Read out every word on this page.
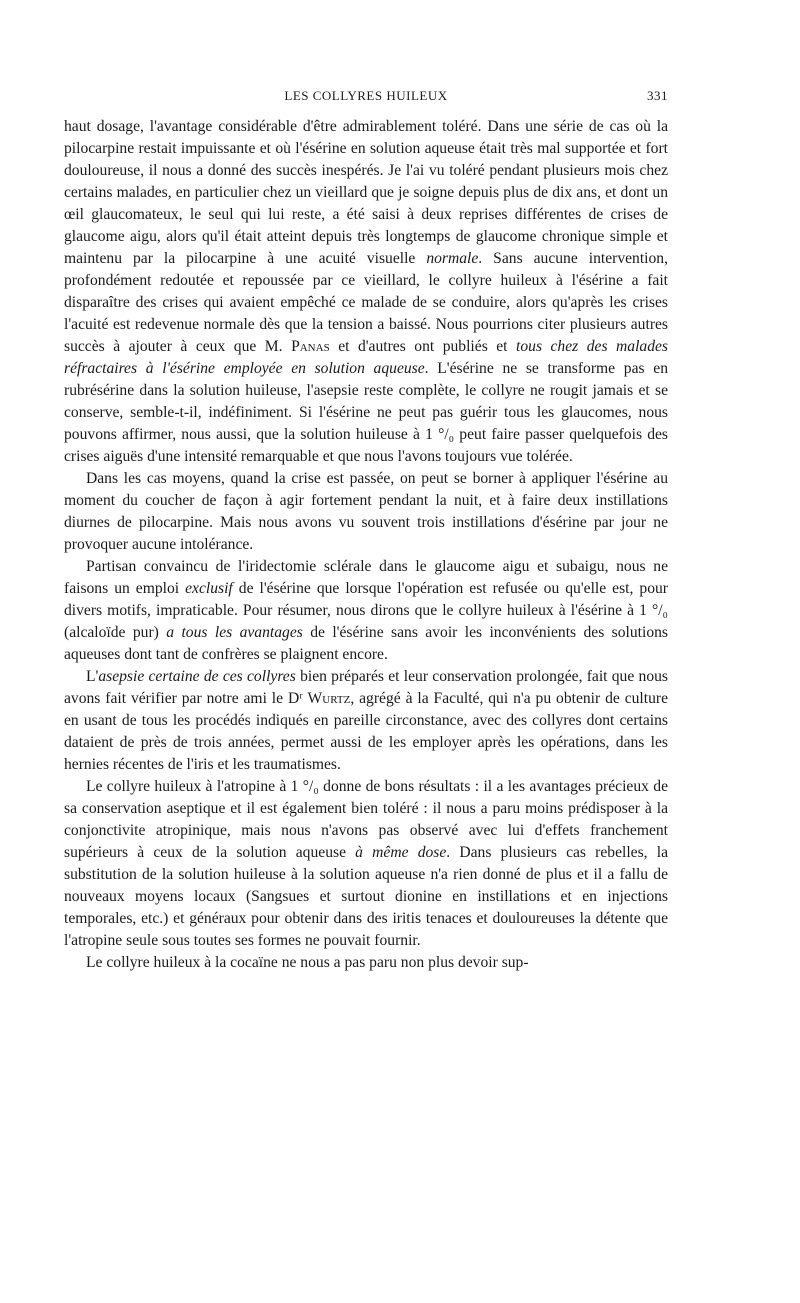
LES COLLYRES HUILEUX	331

haut dosage, l'avantage considérable d'être admirablement toléré. Dans une série de cas où la pilocarpine restait impuissante et où l'ésérine en solution aqueuse était très mal supportée et fort douloureuse, il nous a donné des succès inespérés. Je l'ai vu toléré pendant plusieurs mois chez certains malades, en particulier chez un vieillard que je soigne depuis plus de dix ans, et dont un œil glaucomateux, le seul qui lui reste, a été saisi à deux reprises différentes de crises de glaucome aigu, alors qu'il était atteint depuis très longtemps de glaucome chronique simple et maintenu par la pilocarpine à une acuité visuelle normale. Sans aucune intervention, profondément redoutée et repoussée par ce vieillard, le collyre huileux à l'ésérine a fait disparaître des crises qui avaient empêché ce malade de se conduire, alors qu'après les crises l'acuité est redevenue normale dès que la tension a baissé. Nous pourrions citer plusieurs autres succès à ajouter à ceux que M. Panas et d'autres ont publiés et tous chez des malades réfractaires à l'ésérine employée en solution aqueuse. L'ésérine ne se transforme pas en rubrésérine dans la solution huileuse, l'asepsie reste complète, le collyre ne rougit jamais et se conserve, semble-t-il, indéfiniment. Si l'ésérine ne peut pas guérir tous les glaucomes, nous pouvons affirmer, nous aussi, que la solution huileuse à 1 °/₀ peut faire passer quelquefois des crises aiguës d'une intensité remarquable et que nous l'avons toujours vue tolérée.

Dans les cas moyens, quand la crise est passée, on peut se borner à appliquer l'ésérine au moment du coucher de façon à agir fortement pendant la nuit, et à faire deux instillations diurnes de pilocarpine. Mais nous avons vu souvent trois instillations d'ésérine par jour ne provoquer aucune intolérance.

Partisan convaincu de l'iridectomie sclérale dans le glaucome aigu et subaigu, nous ne faisons un emploi exclusif de l'ésérine que lorsque l'opération est refusée ou qu'elle est, pour divers motifs, impraticable. Pour résumer, nous dirons que le collyre huileux à l'ésérine à 1 °/₀ (alcaloïde pur) a tous les avantages de l'ésérine sans avoir les inconvénients des solutions aqueuses dont tant de confrères se plaignent encore.

L'asepsie certaine de ces collyres bien préparés et leur conservation prolongée, fait que nous avons fait vérifier par notre ami le Dʳ Wurtz, agrégé à la Faculté, qui n'a pu obtenir de culture en usant de tous les procédés indiqués en pareille circonstance, avec des collyres dont certains dataient de près de trois années, permet aussi de les employer après les opérations, dans les hernies récentes de l'iris et les traumatismes.

Le collyre huileux à l'atropine à 1 °/₀ donne de bons résultats : il a les avantages précieux de sa conservation aseptique et il est également bien toléré : il nous a paru moins prédisposer à la conjonctivite atropinique, mais nous n'avons pas observé avec lui d'effets franchement supérieurs à ceux de la solution aqueuse à même dose. Dans plusieurs cas rebelles, la substitution de la solution huileuse à la solution aqueuse n'a rien donné de plus et il a fallu de nouveaux moyens locaux (Sangsues et surtout dionine en instillations et en injections temporales, etc.) et généraux pour obtenir dans des iritis tenaces et douloureuses la détente que l'atropine seule sous toutes ses formes ne pouvait fournir.

Le collyre huileux à la cocaïne ne nous a pas paru non plus devoir sup-
